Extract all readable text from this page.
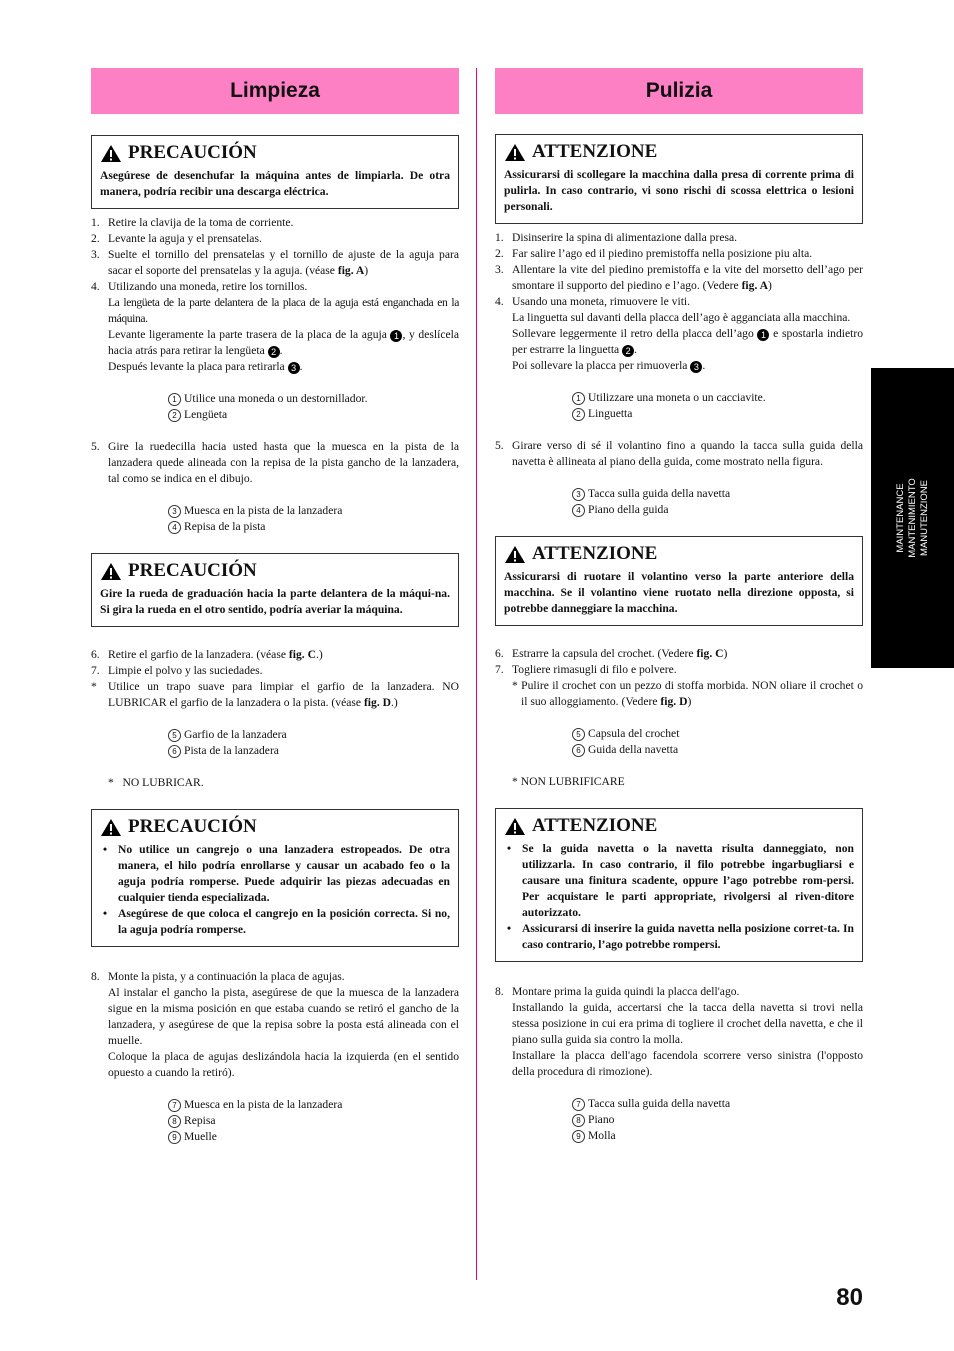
Limpieza
PRECAUCIÓN
Asegúrese de desenchufar la máquina antes de limpiarla. De otra manera, podría recibir una descarga eléctrica.
1. Retire la clavija de la toma de corriente.

2. Levante la aguja y el prensatelas.

3. Suelte el tornillo del prensatelas y el tornillo de ajuste de la aguja para sacar el soporte del prensatelas y la aguja. (véase fig. A)

4. Utilizando una moneda, retire los tornillos.

La lengüeta de la parte delantera de la placa de la aguja está enganchada en la máquina.

Levante ligeramente la parte trasera de la placa de la aguja 1 , y deslícela hacia atrás para retirar la lengüeta 2 .

Después levante la placa para retirarla 3 .

1 Utilice una moneda o un destornillador.
2 Lengüeta
5. Gire la ruedecilla hacia usted hasta que la muesca en la pista de la lanzadera quede alineada con la repisa de la pista gancho de la lanzadera, tal como se indica en el dibujo.

3 Muesca en la pista de la lanzadera
4 Repisa de la pista
PRECAUCIÓN
Gire la rueda de graduación hacia la parte delantera de la máqui-na. Si gira la rueda en el otro sentido, podría averiar la máquina.
6. Retire el garfio de la lanzadera. (véase fig. C.)

7. Limpie el polvo y las suciedades.

* Utilice un trapo suave para limpiar el garfio de la lanzadera. NO LUBRICAR el garfio de la lanzadera o la pista. (véase fig. D.)

5 Garfio de la lanzadera
6 Pista de la lanzadera
*   NO LUBRICAR.
PRECAUCIÓN
• No utilice un cangrejo o una lanzadera estropeados. De otra manera, el hilo podría enrollarse y causar un acabado feo o la aguja podría romperse. Puede adquirir las piezas adecuadas en cualquier tienda especializada.
• Asegúrese de que coloca el cangrejo en la posición correcta. Si no, la aguja podría romperse.
8. Monte la pista, y a continuación la placa de agujas.

Al instalar el gancho la pista, asegúrese de que la muesca de la lanzadera sigue en la misma posición en que estaba cuando se retiró el gancho de la lanzadera, y asegúrese de que la repisa sobre la posta está alineada con el muelle.

Coloque la placa de agujas deslizándola hacia la izquierda (en el sentido opuesto a cuando la retiró).

7 Muesca en la pista de la lanzadera
8 Repisa
9 Muelle
Pulizia
ATTENZIONE
Assicurarsi di scollegare la macchina dalla presa di corrente prima di pulirla. In caso contrario, vi sono rischi di scossa elettrica o lesioni personali.
1. Disinserire la spina di alimentazione dalla presa.

2. Far salire l’ago ed il piedino premistoffa nella posizione piu alta.

3. Allentare la vite del piedino premistoffa e la vite del morsetto dell’ago per smontare il supporto del piedino e l’ago. (Vedere fig. A)

4. Usando una moneta, rimuovere le viti.

La linguetta sul davanti della placca dell’ago è agganciata alla macchina.

Sollevare leggermente il retro della placca dell’ago 1 e spostarla indietro per estrarre la linguetta 2 .

Poi sollevare la placca per rimuoverla 3 .

1 Utilizzare una moneta o un cacciavite.
2 Linguetta
5. Girare verso di sé il volantino fino a quando la tacca sulla guida della navetta è allineata al piano della guida, come mostrato nella figura.

3 Tacca sulla guida della navetta
4 Piano della guida
ATTENZIONE
Assicurarsi di ruotare il volantino verso la parte anteriore della macchina. Se il volantino viene ruotato nella direzione opposta, si potrebbe danneggiare la macchina.
6. Estrarre la capsula del crochet. (Vedere fig. C)

7. Togliere rimasugli di filo e polvere.

* Pulire il crochet con un pezzo di stoffa morbida. NON oliare il crochet o il suo alloggiamento. (Vedere fig. D)

5 Capsula del crochet
6 Guida della navetta
* NON LUBRIFICARE
ATTENZIONE
• Se la guida navetta o la navetta risulta danneggiato, non utilizzarla. In caso contrario, il filo potrebbe ingarbugliarsi e causare una finitura scadente, oppure l’ago potrebbe rom-persi. Per acquistare le parti appropriate, rivolgersi al riven-ditore autorizzato.
• Assicurarsi di inserire la guida navetta nella posizione corret-ta. In caso contrario, l’ago potrebbe rompersi.
8. Montare prima la guida quindi la placca dell'ago.

Installando la guida, accertarsi che la tacca della navetta si trovi nella stessa posizione in cui era prima di togliere il crochet della navetta, e che il piano sulla guida sia contro la molla.

Installare la placca dell'ago facendola scorrere verso sinistra (l'opposto della procedura di rimozione).

7 Tacca sulla guida della navetta
8 Piano
9 Molla
MAINTENANCE MANTENIMIENTO MANUTENZIONE
80
